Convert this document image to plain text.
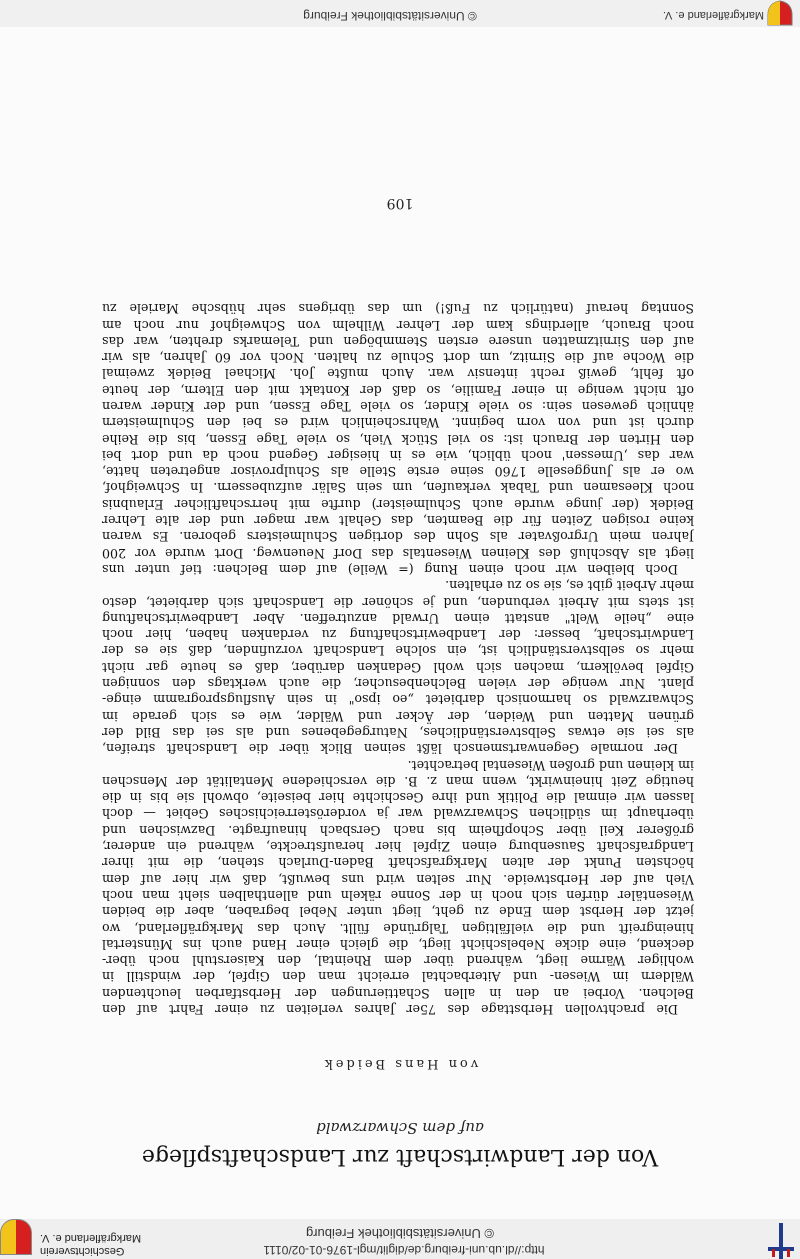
© Universitätsbibliothek Freiburg
http://dl.ub.uni-freiburg.de/diglit/mgl-1976-01-02/0111
Geschichtsverein
Markgräflerland e. V.
Von der Landwirtschaft zur Landschaftspflege
auf dem Schwarzwald
von Hans Beidek
Die prachtvollen Herbsttage des 75er Jahres verleiten zu einer Fahrt auf den
Belchen. Vorbei an den in allen Schattierungen der Herbstfarben leuchtenden
Wäldern im Wiesen- und Aiterbachtal erreicht man den Gipfel, der windstill in
wohliger Wärme liegt, während über dem Rheintal, den Kaiserstuhl noch über-
deckend, eine dicke Nebelschicht liegt, die gleich einer Hand auch ins Münstertal
hineingreift und die vielfältigen Talgründe füllt. Auch das Markgräflerland, wo
jetzt der Herbst dem Ende zu geht, liegt unter Nebel begraben, aber die beiden
Wiesentäler dürfen sich noch in der Sonne räkeln und allenthalben sieht man noch
Vieh auf der Herbstweide. Nur selten wird uns bewußt, daß wir hier auf dem
höchsten Punkt der alten Markgrafschaft Baden-Durlach stehen, die mit ihrer
Landgrafschaft Sausenburg einen Zipfel hier heraufstreckte, während ein anderer,
größerer Keil über Schopfheim bis nach Gersbach hinaufragte. Dazwischen und
überhaupt im südlichen Schwarzwald war ja vorderösterreichisches Gebiet — doch
lassen wir einmal die Politik und ihre Geschichte hier beiseite, obwohl sie bis in die
heutige Zeit hineinwirkt, wenn man z. B. die verschiedene Mentalität der Menschen
im kleinen und großen Wiesental betrachtet.
Der normale Gegenwartsmensch läßt seinen Blick über die Landschaft streifen,
als sei sie etwas Selbstverständliches, Naturgegebenes und als sei das Bild der
grünen Matten und Weiden, der Äcker und Wälder, wie es sich gerade im
Schwarzwald so harmonisch darbietet „eo ipso" in sein Ausflugsprogramm einge-
plant. Nur wenige der vielen Belchenbesucher, die auch werktags den sonnigen
Gipfel bevölkern, machen sich wohl Gedanken darüber, daß es heute gar nicht
mehr so selbstverständlich ist, ein solche Landschaft vorzufinden, daß sie es der
Landwirtschaft, besser: der Landbewirtschaftung zu verdanken haben, hier noch
eine „heile Welt" anstatt einen Urwald anzutreffen. Aber Landbewirtschaftung
ist stets mit Arbeit verbunden, und je schöner die Landschaft sich darbietet, desto
mehr Arbeit gibt es, sie so zu erhalten.
Doch bleiben wir noch einen Rung (= Weile) auf dem Belchen: tief unter uns
liegt als Abschluß des Kleinen Wiesentals das Dorf Neuenweg. Dort wurde vor 200
Jahren mein Urgroßvater als Sohn des dortigen Schulmeisters geboren. Es waren
keine rosigen Zeiten für die Beamten, das Gehalt war mager und der alte Lehrer
Beidek (der junge wurde auch Schulmeister) durfte mit herrschaftlicher Erlaubnis
noch Kleesamen und Tabak verkaufen, um sein Salär aufzubessern. In Schweighof,
wo er als Junggeselle 1760 seine erste Stelle als Schulprovisor angetreten hatte,
war das ‚Umessen' noch üblich, wie es in hiesiger Gegend noch da und dort bei
den Hirten der Brauch ist: so viel Stück Vieh, so viele Tage Essen, bis die Reihe
durch ist und von vorn beginnt. Wahrscheinlich wird es bei den Schulmeistern
ähnlich gewesen sein: so viele Kinder, so viele Tage Essen, und der Kinder waren
oft nicht wenige in einer Familie, so daß der Kontakt mit den Eltern, der heute
oft fehlt, gewiß recht intensiv war. Auch mußte Joh. Michael Beidek zweimal
die Woche auf die Sirnitz, um dort Schule zu halten. Noch vor 60 Jahren, als wir
auf den Sirnitzmatten unsere ersten Stemmbögen und Telemarks drehten, war das
noch Brauch, allerdings kam der Lehrer Wilhelm von Schweighof nur noch am
Sonntag herauf (natürlich zu Fuß!) um das übrigens sehr hübsche Mariele zu
109
Markgräflerland e. V.
© Universitätsbibliothek Freiburg
